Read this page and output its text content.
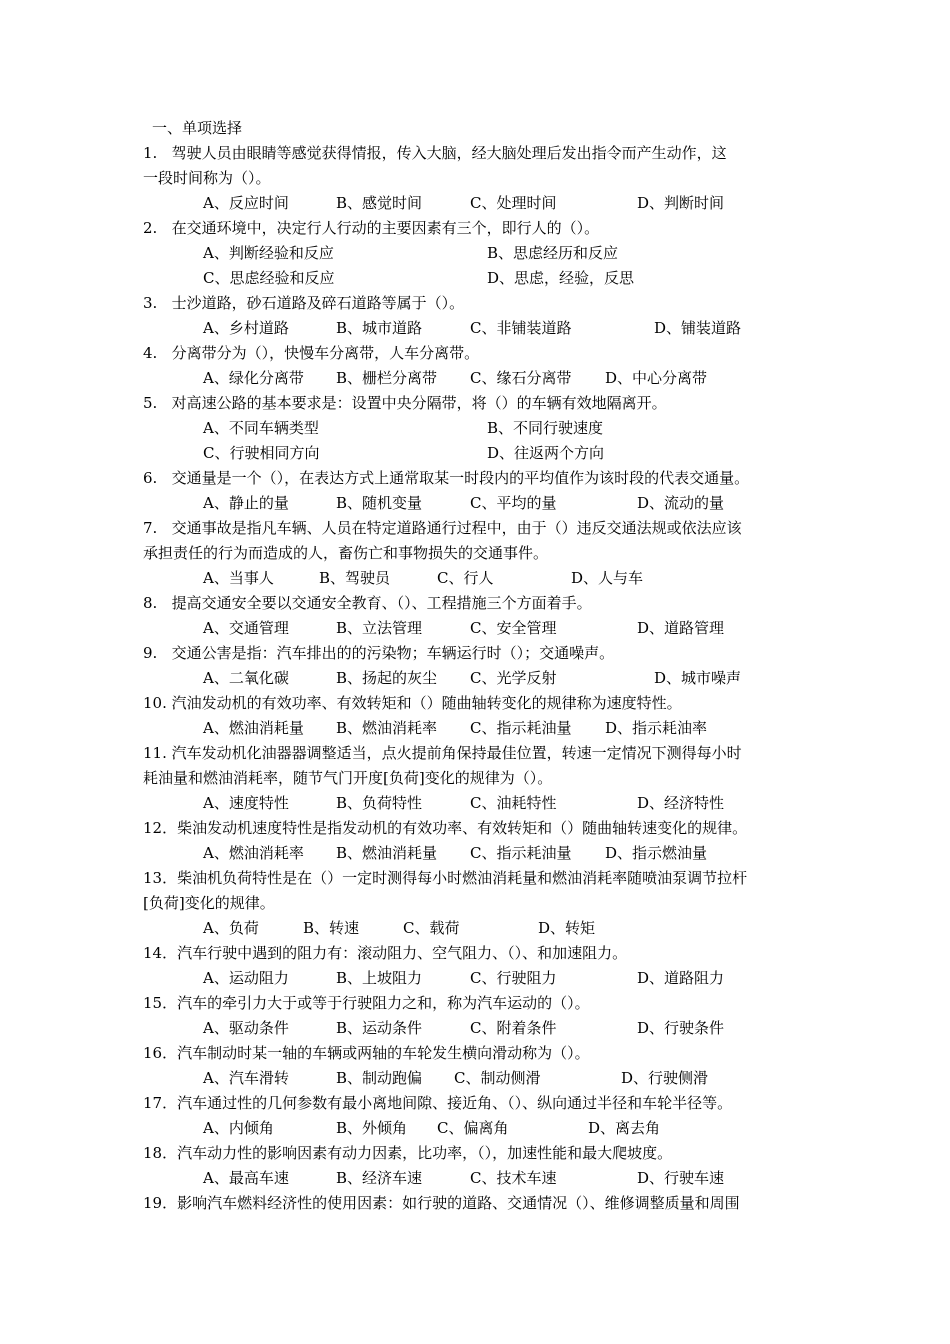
一、单项选择
1.   驾驶人员由眼睛等感觉获得情报，传入大脑，经大脑处理后发出指令而产生动作，这
一段时间称为（）。
A、反应时间	B、感觉时间	C、处理时间	D、判断时间
2.   在交通环境中，决定行人行动的主要因素有三个，即行人的（）。
A、判断经验和反应	B、思虑经历和反应
C、思虑经验和反应	D、思虑，经验，反思
3.   士沙道路，砂石道路及碎石道路等属于（）。
A、乡村道路	B、城市道路	C、非铺装道路	D、铺装道路
4.   分离带分为（），快慢车分离带，人车分离带。
A、绿化分离带 B、栅栏分离带 C、缘石分离带 D、中心分离带
5.   对高速公路的基本要求是：设置中央分隔带，将（）的车辆有效地隔离开。
A、不同车辆类型	B、不同行驶速度
C、行驶相同方向	D、往返两个方向
6.   交通量是一个（），在表达方式上通常取某一时段内的平均值作为该时段的代表交通量。
A、静止的量	B、随机变量	C、平均的量	D、流动的量
7.   交通事故是指凡车辆、人员在特定道路通行过程中，由于（）违反交通法规或依法应该
承担责任的行为而造成的人，畜伤亡和事物损失的交通事件。
A、当事人	B、驾驶员	C、行人	D、人与车
8.   提高交通安全要以交通安全教育、（）、工程措施三个方面着手。
A、交通管理	B、立法管理	C、安全管理	D、道路管理
9.   交通公害是指：汽车排出的的污染物；车辆运行时（）；交通噪声。
A、二氧化碳	B、扬起的灰尘 C、光学反射	D、城市噪声
10. 汽油发动机的有效功率、有效转矩和（）随曲轴转变化的规律称为速度特性。
A、燃油消耗量 B、燃油消耗率 C、指示耗油量 D、指示耗油率
11. 汽车发动机化油器器调整适当，点火提前角保持最佳位置，转速一定情况下测得每小时
耗油量和燃油消耗率，随节气门开度[负荷]变化的规律为（）。
A、速度特性	B、负荷特性	C、油耗特性	D、经济特性
12．柴油发动机速度特性是指发动机的有效功率、有效转矩和（）随曲轴转速变化的规律。
A、燃油消耗率 B、燃油消耗量 C、指示耗油量 D、指示燃油量
13．柴油机负荷特性是在（）一定时测得每小时燃油消耗量和燃油消耗率随喷油泵调节拉杆
[负荷]变化的规律。
A、负荷	B、转速	C、载荷	D、转矩
14．汽车行驶中遇到的阻力有：滚动阻力、空气阻力、（）、和加速阻力。
A、运动阻力	B、上坡阻力	C、行驶阻力	D、道路阻力
15．汽车的牵引力大于或等于行驶阻力之和，称为汽车运动的（）。
A、驱动条件	B、运动条件	C、附着条件	D、行驶条件
16．汽车制动时某一轴的车辆或两轴的车轮发生横向滑动称为（）。
A、汽车滑转	B、制动跑偏 C、制动侧滑	D、行驶侧滑
17．汽车通过性的几何参数有最小离地间隙、接近角、（）、纵向通过半径和车轮半径等。
A、内倾角	B、外倾角 C、偏离角	D、离去角
18．汽车动力性的影响因素有动力因素，比功率，（），加速性能和最大爬坡度。
A、最高车速	B、经济车速	C、技术车速	D、行驶车速
19．影响汽车燃料经济性的使用因素：如行驶的道路、交通情况（）、维修调整质量和周围
